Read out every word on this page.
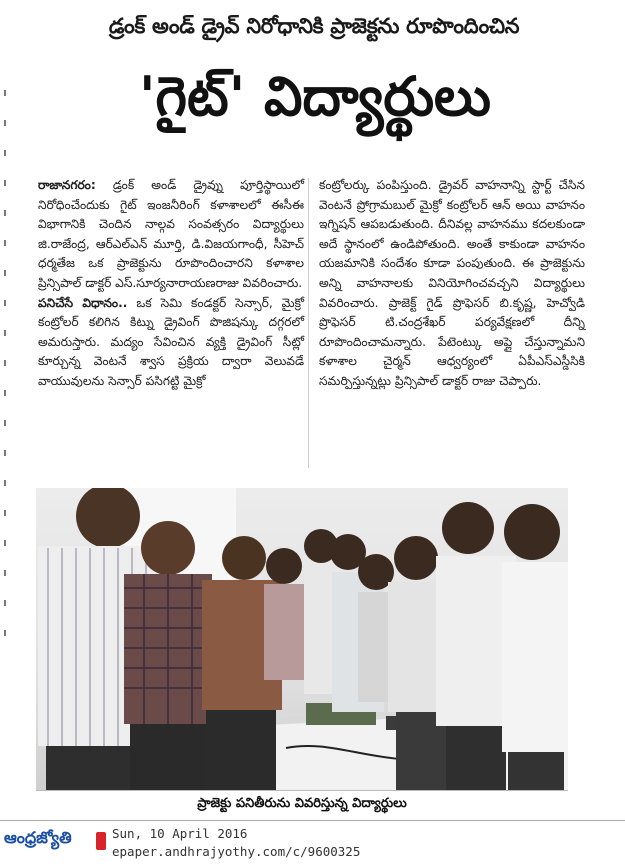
డ్రంక్ అండ్ డ్రైవ్ నిరోధానికి ప్రాజెక్టను రూపొందించిన
'గైట్' విద్యార్థులు

రాజానగరం: డ్రంక్ అండ్ డ్రైవ్ను పూర్తిస్థాయిలో నిరోధించేందుకు గైట్ ఇంజనీరింగ్ కళాశాలలో ఈసీఈ విభాగానికి చెందిన నాల్గవ సంవత్సరం విద్యార్థులు జి.రాజేంద్ర, ఆర్ఎల్ఎన్ మూర్తి, డి.విజయగాంధీ, సీహెచ్ ధర్మతేజ ఒక ప్రాజెక్టును రూపొందించారని కళాశాల ప్రిన్సిపాల్ డాక్టర్ ఎస్.సూర్యనారాయణరాజు వివరించారు.

పనిచేసే విధానం.. ఒక సెమి కండక్టర్ సెన్సార్, మైక్రో కంట్రోలర్ కలిగిన కిట్ను డ్రైవింగ్ పొజిషన్కు దగ్గరలో అమరుస్తారు. మద్యం సేవించిన వ్యక్తి డ్రైవింగ్ సీట్లో కూర్చున్న వెంటనే శ్వాస ప్రక్రియ ద్వారా వెలువడే వాయువులను సెన్సార్ పసిగట్టి మైక్రో

కంట్రోలర్కు పంపిస్తుంది. డ్రైవర్ వాహనాన్ని స్టార్ట్ చేసిన వెంటనే ప్రోగ్రామబుల్ మైక్రో కంట్రోలర్ ఆన్ అయి వాహనం ఇగ్నిషన్ ఆపబడుతుంది. దీనివల్ల వాహనము కదలకుండా అదే స్థానంలో ఉండిపోతుంది. అంతే కాకుండా వాహనం యజమానికి సందేశం కూడా పంపుతుంది. ఈ ప్రాజెక్టును అన్ని వాహనాలకు వినియోగించవచ్చని విద్యార్థులు వివరించారు. ప్రాజెక్ట్ గైడ్ ప్రొఫెసర్ బి.కృష్ణ, హెచ్వోడి ప్రొఫెసర్ టి.చంద్రశేఖర్ పర్యవేక్షణలో దీన్ని రూపొందించామన్నారు. పేటెంట్కు అప్లై చేస్తున్నామని కళాశాల చైర్మన్ ఆధ్వర్యంలో ఏపీఎస్ఎస్డీసికి సమర్పిస్తున్నట్లు ప్రిన్సిపాల్ డాక్టర్ రాజు చెప్పారు.

ప్రాజెక్టు పనితీరును వివరిస్తున్న విద్యార్థులు
ఆంధ్రజ్యోతి	Sun, 10 April 2016
epaper.andhrajyothy.com/c/9600325
